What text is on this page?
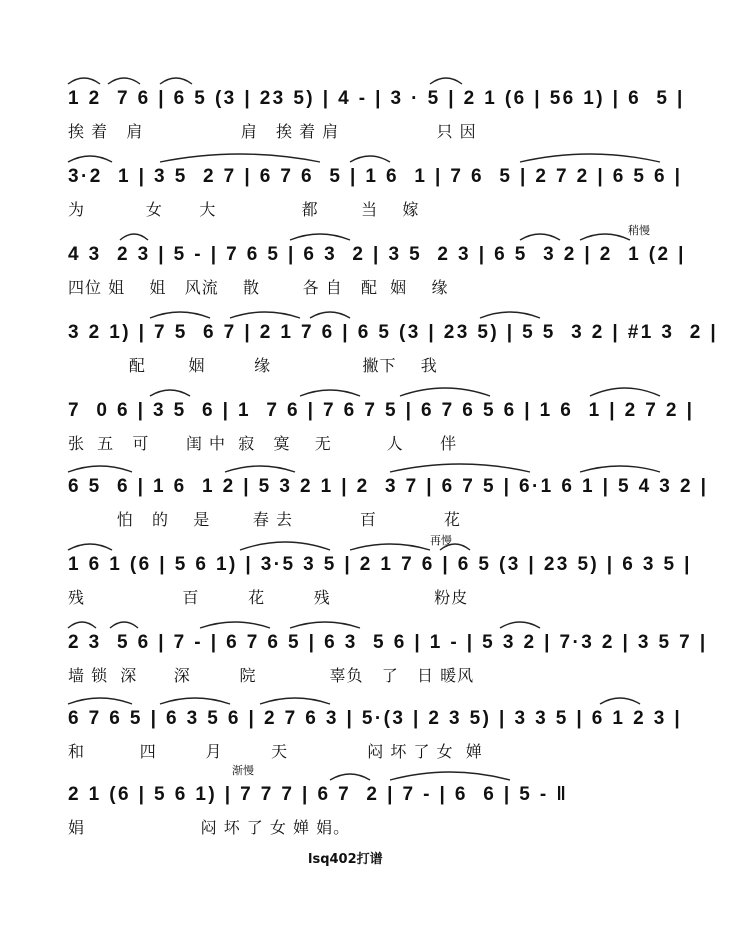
1 2  7 6 | 6 5 (3 | 23 5) | 4 - | 3 · 5 | 2 1 (6 | 56 1) | 6  5 |
挨 着   肩                肩   挨 着 肩                只 因
3·2  1 | 3 5  2 7 | 6 7 6  5 | 1 6  1 | 7 6  5 | 2 7 2 | 6 5 6 |
为          女      大              都       当    嫁
稍慢
4 3  2 3 | 5 - | 7 6 5 | 6 3  2 | 3 5  2 3 | 6 5  3 2 | 2  1 (2 |
四位 姐    姐   风流    散       各 自   配  姻    缘
3 2 1) | 7 5  6 7 | 2 1 7 6 | 6 5 (3 | 23 5) | 5 5  3 2 | #1 3  2 |
配       姻        缘               撇下    我
7  0 6 | 3 5  6 | 1  7 6 | 7 6 7 5 | 6 7 6 5 6 | 1 6  1 | 2 7 2 |
张  五   可      闺 中  寂   寞    无         人      伴
6 5  6 | 1 6  1 2 | 5 3 2 1 | 2  3 7 | 6 7 5 | 6·1 6 1 | 5 4 3 2 |
怕   的    是       春 去           百           花
再慢
1 6 1 (6 | 5 6 1) | 3·5 3 5 | 2 1 7 6 | 6 5 (3 | 23 5) | 6 3 5 |
残                百        花        残                 粉皮
2 3  5 6 | 7 - | 6 7 6 5 | 6 3  5 6 | 1 - | 5 3 2 | 7·3 2 | 3 5 7 |
墙 锁  深      深        院            辜负   了   日 暖风
6 7 6 5 | 6 3 5 6 | 2 7 6 3 | 5·(3 | 2 3 5) | 3 3 5 | 6 1 2 3 |
和         四        月        天             闷 坏 了 女  婵
渐慢
2 1 (6 | 5 6 1) | 7 7 7 | 6 7  2 | 7 - | 6  6 | 5 - ‖
娟                   闷 坏 了 女 婵 娟。
lsq402打谱
